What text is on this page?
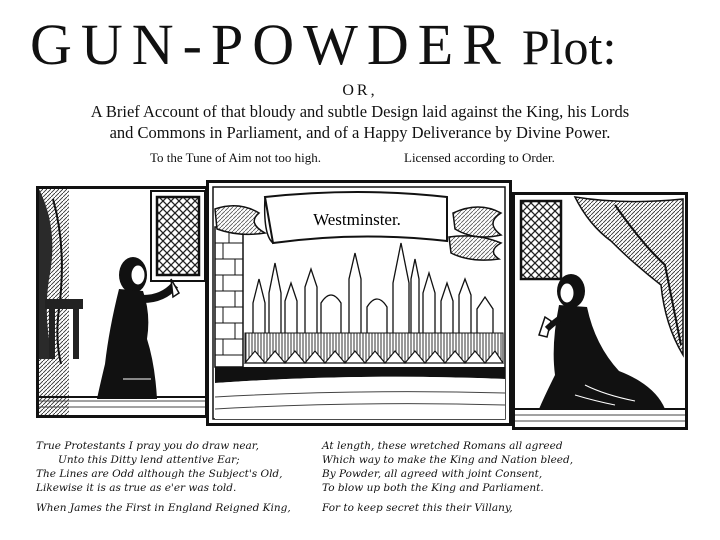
GUN-POWDER Plot:
OR,
A Brief Account of that bloudy and subtle Design laid against the King, his Lords
and Commons in Parliament, and of a Happy Deliverance by Divine Power.
To the Tune of Aim not too high.	Licensed according to Order.
Westminster.
True Protestants I pray you do draw near,
Unto this Ditty lend attentive Ear;
The Lines are Odd although the Subject's Old,
Likewise it is as true as e'er was told.
When James the First in England Reigned King,
At length, these wretched Romans all agreed
Which way to make the King and Nation bleed,
By Powder, all agreed with joint Consent,
To blow up both the King and Parliament.
For to keep secret this their Villany,
